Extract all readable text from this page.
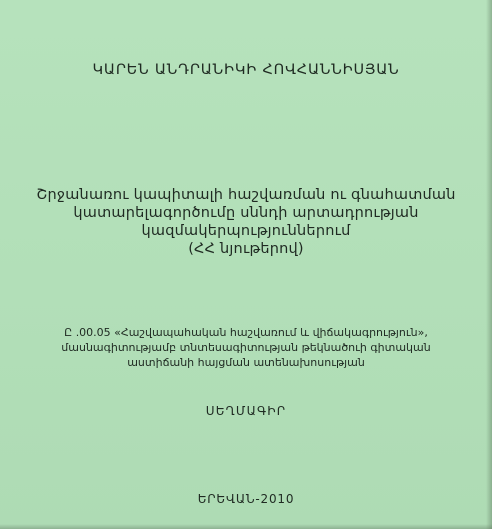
ԿԱՐԵՆ ԱՆԴՐԱՆԻԿԻ ՀՈՎՀԱՆՆԻՍՅԱՆ
Շրջանառու կապիտալի հաշվառման ու գնահատման
կատարելագործումը սննդի արտադրության
կազմակերպություններում
(ՀՀ նյութերով)
Ը .00.05 «Հաշվապահական հաշվառում և վիճակագրություն»,
մասնագիտությամբ տնտեսագիտության թեկնածուի գիտական
աստիճանի հայցման ատենախոսության
ՍԵՂՄԱԳԻՐ
ԵՐԵՎԱՆ-2010
